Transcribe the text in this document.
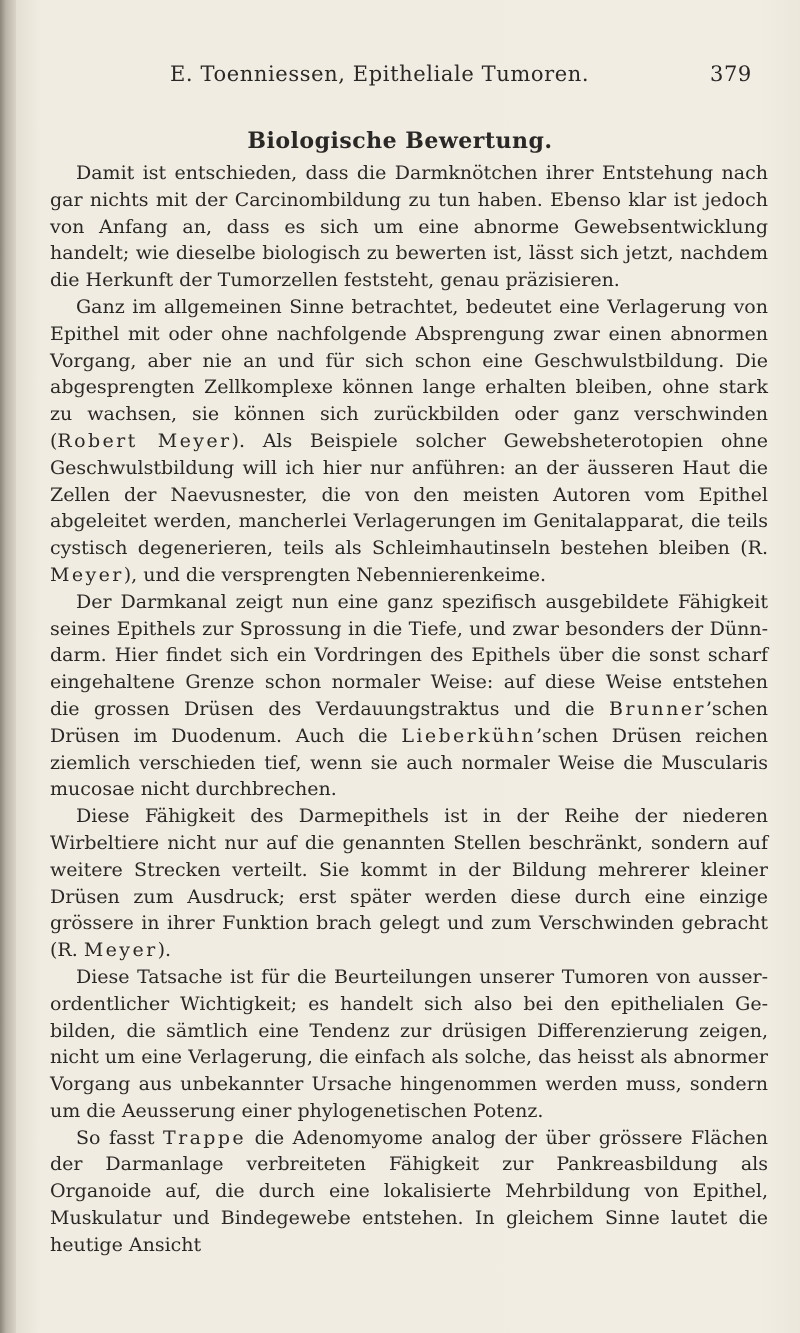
E. Toenniessen, Epitheliale Tumoren.	379
Biologische Bewertung.

Damit ist entschieden, dass die Darmknötchen ihrer Entstehung nach gar nichts mit der Carcinombildung zu tun haben. Ebenso klar ist jedoch von Anfang an, dass es sich um eine abnorme Gewebsentwicklung handelt; wie dieselbe biologisch zu bewerten ist, lässt sich jetzt, nachdem die Herkunft der Tumorzellen feststeht, genau präzisieren.

Ganz im allgemeinen Sinne betrachtet, bedeutet eine Verlagerung von Epithel mit oder ohne nachfolgende Absprengung zwar einen abnormen Vorgang, aber nie an und für sich schon eine Geschwulstbildung. Die abgesprengten Zellkomplexe können lange erhalten bleiben, ohne stark zu wachsen, sie können sich zurückbilden oder ganz verschwinden (Robert Meyer). Als Beispiele solcher Gewebsheterotopien ohne Geschwulstbildung will ich hier nur anführen: an der äusseren Haut die Zellen der Naevusnester, die von den meisten Autoren vom Epithel abgeleitet werden, mancherlei Verlagerungen im Genitalapparat, die teils cystisch degenerieren, teils als Schleimhautinseln bestehen bleiben (R. Meyer), und die versprengten Nebennierenkeime.

Der Darmkanal zeigt nun eine ganz spezifisch ausgebildete Fähigkeit seines Epithels zur Sprossung in die Tiefe, und zwar besonders der Dünndarm. Hier findet sich ein Vordringen des Epithels über die sonst scharf eingehaltene Grenze schon normaler Weise: auf diese Weise entstehen die grossen Drüsen des Verdauungstraktus und die Brunner’schen Drüsen im Duodenum. Auch die Lieberkühn’schen Drüsen reichen ziemlich verschieden tief, wenn sie auch normaler Weise die Muscularis mucosae nicht durchbrechen.

Diese Fähigkeit des Darmepithels ist in der Reihe der niederen Wirbeltiere nicht nur auf die genannten Stellen beschränkt, sondern auf weitere Strecken verteilt. Sie kommt in der Bildung mehrerer kleiner Drüsen zum Ausdruck; erst später werden diese durch eine einzige grössere in ihrer Funktion brach gelegt und zum Verschwinden gebracht (R. Meyer).

Diese Tatsache ist für die Beurteilungen unserer Tumoren von ausserordentlicher Wichtigkeit; es handelt sich also bei den epithelialen Gebilden, die sämtlich eine Tendenz zur drüsigen Differenzierung zeigen, nicht um eine Verlagerung, die einfach als solche, das heisst als abnormer Vorgang aus unbekannter Ursache hingenommen werden muss, sondern um die Aeusserung einer phylogenetischen Potenz.

So fasst Trappe die Adenomyome analog der über grössere Flächen der Darmanlage verbreiteten Fähigkeit zur Pankreasbildung als Organoide auf, die durch eine lokalisierte Mehrbildung von Epithel, Muskulatur und Bindegewebe entstehen. In gleichem Sinne lautet die heutige Ansicht
